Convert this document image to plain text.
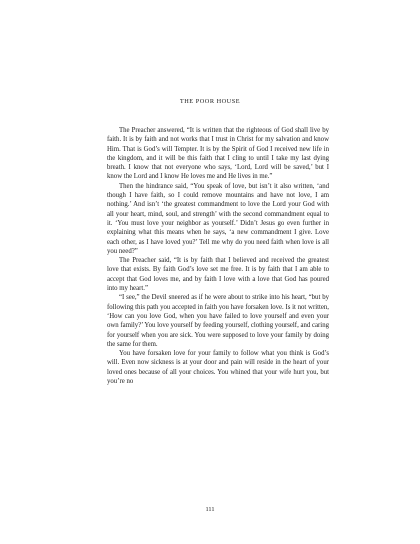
THE POOR HOUSE

The Preacher answered, “It is written that the righteous of God shall live by faith. It is by faith and not works that I trust in Christ for my salvation and know Him. That is God’s will Tempter. It is by the Spirit of God I received new life in the kingdom, and it will be this faith that I cling to until I take my last dying breath. I know that not everyone who says, ‘Lord, Lord will be saved,’ but I know the Lord and I know He loves me and He lives in me.”

Then the hindrance said, “You speak of love, but isn’t it also written, ‘and though I have faith, so I could remove mountains and have not love, I am nothing.’ And isn’t ‘the greatest commandment to love the Lord your God with all your heart, mind, soul, and strength’ with the second commandment equal to it. ‘You must love your neighbor as yourself.’ Didn’t Jesus go even further in explaining what this means when he says, ‘a new commandment I give. Love each other, as I have loved you?’ Tell me why do you need faith when love is all you need?”

The Preacher said, “It is by faith that I believed and received the greatest love that exists. By faith God’s love set me free. It is by faith that I am able to accept that God loves me, and by faith I love with a love that God has poured into my heart.”

“I see,” the Devil sneered as if he were about to strike into his heart, “but by following this path you accepted in faith you have forsaken love. Is it not written, ‘How can you love God, when you have failed to love yourself and even your own family?’ You love yourself by feeding yourself, clothing yourself, and caring for yourself when you are sick. You were supposed to love your family by doing the same for them.

You have forsaken love for your family to follow what you think is God’s will. Even now sickness is at your door and pain will reside in the heart of your loved ones because of all your choices. You whined that your wife hurt you, but you’re no

111
